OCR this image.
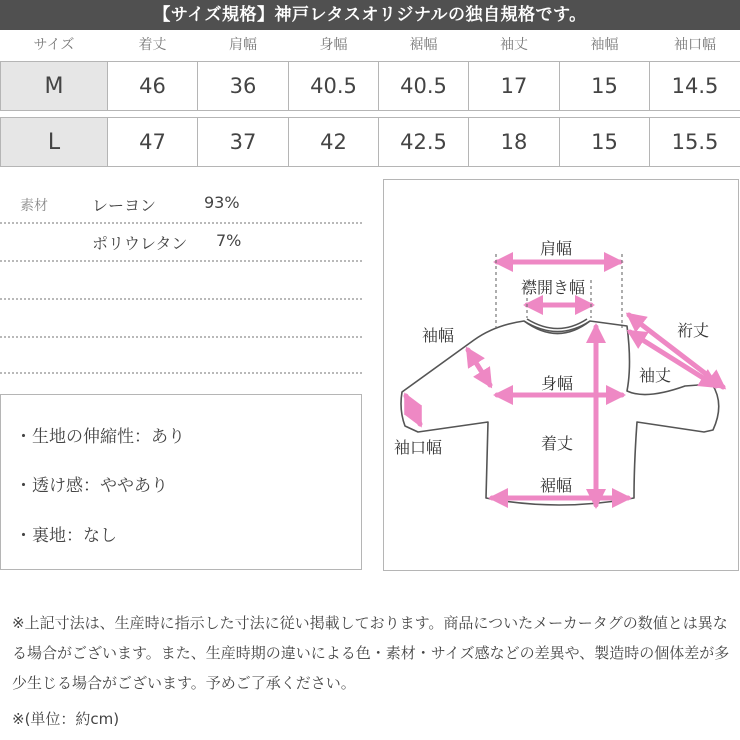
【サイズ規格】神戸レタスオリジナルの独自規格です。
サイズ	着丈	肩幅	身幅	裾幅	袖丈	袖幅	袖口幅

M	46	36	40.5	40.5	17	15	14.5

L	47	37	42	42.5	18	15	15.5
素材	レーヨン	93%
ポリウレタン 7%
・生地の伸縮性：あり
・透け感：ややあり
・裏地：なし
肩幅
襟開き幅
袖幅	裄丈
袖丈
身幅
袖口幅	着丈
裾幅
※上記寸法は、生産時に指示した寸法に従い掲載しております。商品についたメーカータグの数値とは異なる場合がございます。また、生産時期の違いによる色・素材・サイズ感などの差異や、製造時の個体差が多少生じる場合がございます。予めご了承ください。
※(単位：約cm)
